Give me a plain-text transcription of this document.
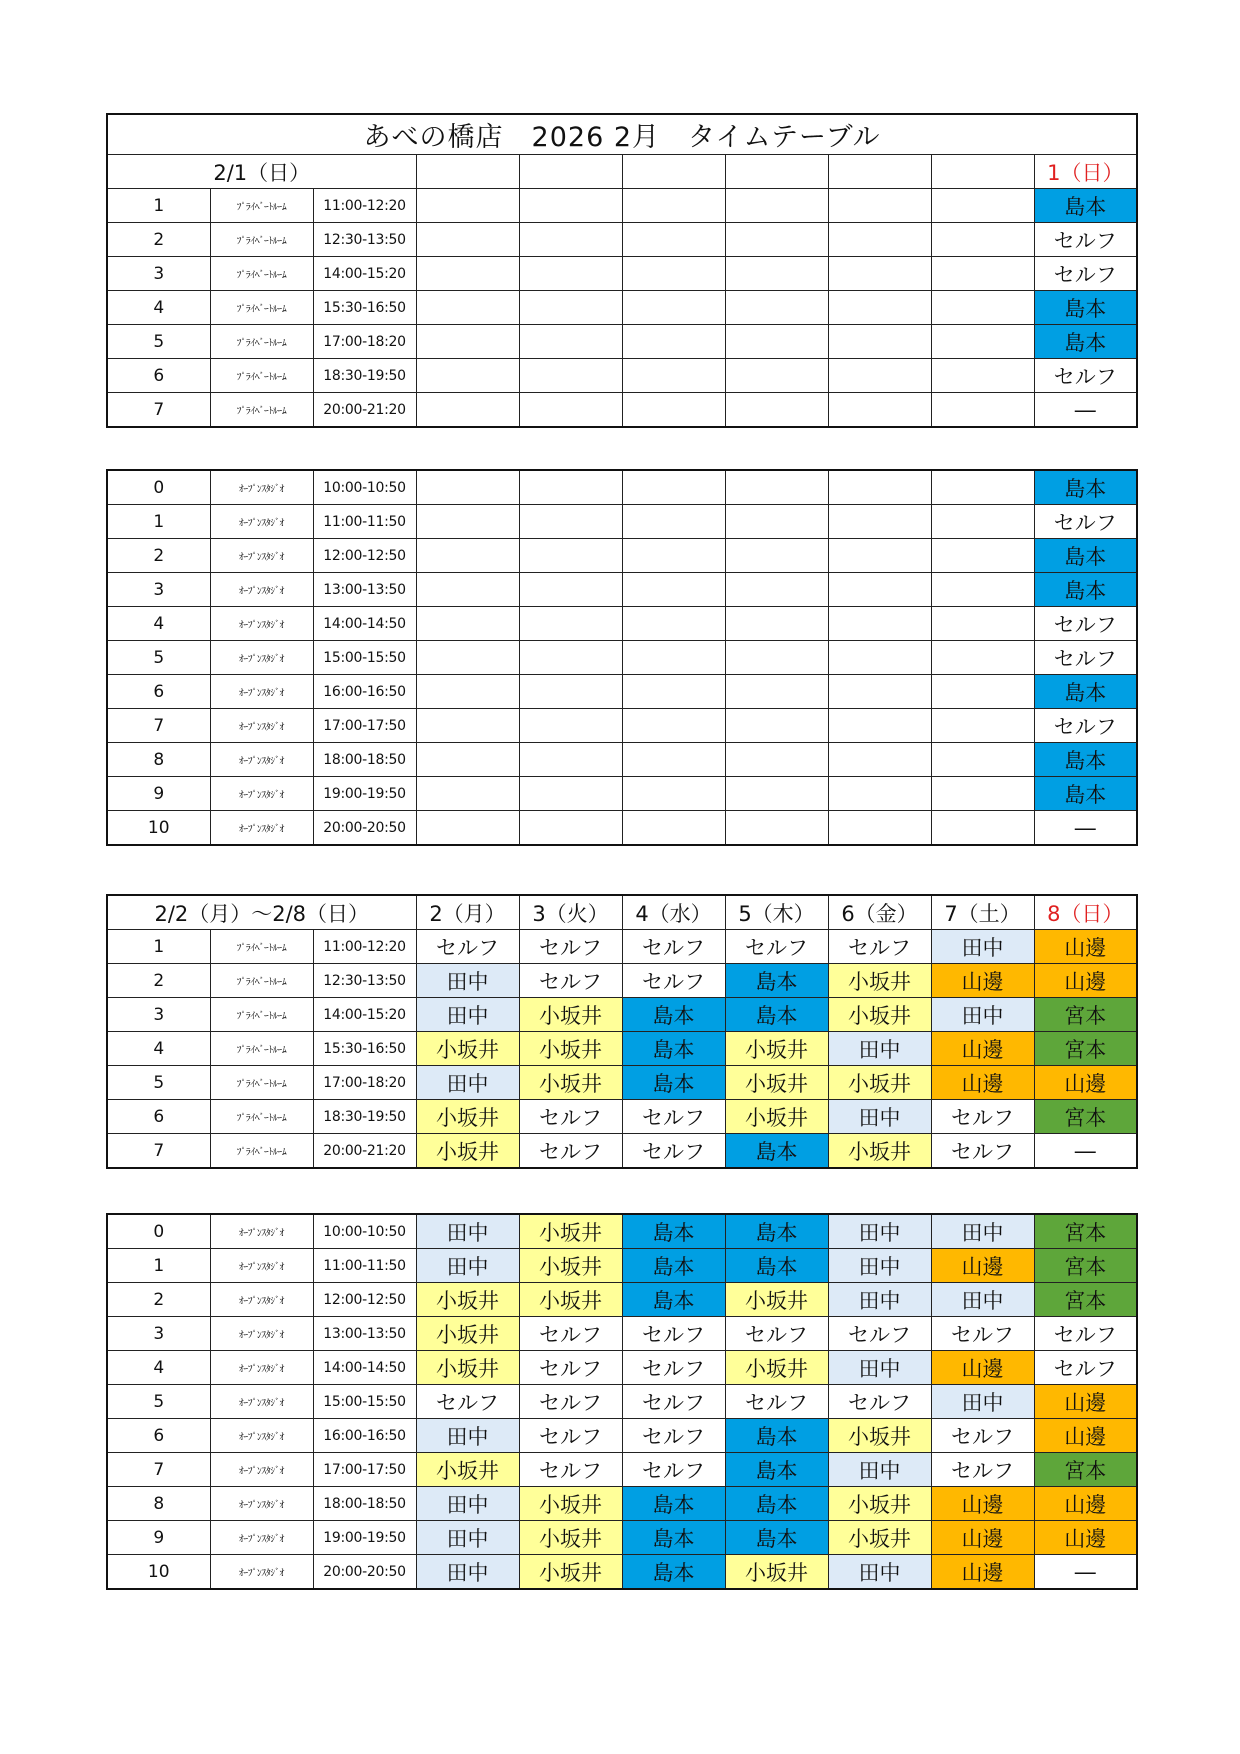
あべの橋店　2026 2月　タイムテーブル									
2/1（日）									1（日）
1	ﾌﾟﾗｲﾍﾞｰﾄﾙｰﾑ	11:00-12:20							島本
2	ﾌﾟﾗｲﾍﾞｰﾄﾙｰﾑ	12:30-13:50							セルフ
3	ﾌﾟﾗｲﾍﾞｰﾄﾙｰﾑ	14:00-15:20							セルフ
4	ﾌﾟﾗｲﾍﾞｰﾄﾙｰﾑ	15:30-16:50							島本
5	ﾌﾟﾗｲﾍﾞｰﾄﾙｰﾑ	17:00-18:20							島本
6	ﾌﾟﾗｲﾍﾞｰﾄﾙｰﾑ	18:30-19:50							セルフ
7	ﾌﾟﾗｲﾍﾞｰﾄﾙｰﾑ	20:00-21:20							―
0	ｵｰﾌﾟﾝｽﾀｼﾞｵ	10:00-10:50							島本
1	ｵｰﾌﾟﾝｽﾀｼﾞｵ	11:00-11:50							セルフ
2	ｵｰﾌﾟﾝｽﾀｼﾞｵ	12:00-12:50							島本
3	ｵｰﾌﾟﾝｽﾀｼﾞｵ	13:00-13:50							島本
4	ｵｰﾌﾟﾝｽﾀｼﾞｵ	14:00-14:50							セルフ
5	ｵｰﾌﾟﾝｽﾀｼﾞｵ	15:00-15:50							セルフ
6	ｵｰﾌﾟﾝｽﾀｼﾞｵ	16:00-16:50							島本
7	ｵｰﾌﾟﾝｽﾀｼﾞｵ	17:00-17:50							セルフ
8	ｵｰﾌﾟﾝｽﾀｼﾞｵ	18:00-18:50							島本
9	ｵｰﾌﾟﾝｽﾀｼﾞｵ	19:00-19:50							島本
10	ｵｰﾌﾟﾝｽﾀｼﾞｵ	20:00-20:50							―
2/2（月）～2/8（日）			2（月）	3（火）	4（水）	5（木）	6（金）	7（土）	8（日）
1	ﾌﾟﾗｲﾍﾞｰﾄﾙｰﾑ	11:00-12:20	セルフ	セルフ	セルフ	セルフ	セルフ	田中	山邊
2	ﾌﾟﾗｲﾍﾞｰﾄﾙｰﾑ	12:30-13:50	田中	セルフ	セルフ	島本	小坂井	山邊	山邊
3	ﾌﾟﾗｲﾍﾞｰﾄﾙｰﾑ	14:00-15:20	田中	小坂井	島本	島本	小坂井	田中	宮本
4	ﾌﾟﾗｲﾍﾞｰﾄﾙｰﾑ	15:30-16:50	小坂井	小坂井	島本	小坂井	田中	山邊	宮本
5	ﾌﾟﾗｲﾍﾞｰﾄﾙｰﾑ	17:00-18:20	田中	小坂井	島本	小坂井	小坂井	山邊	山邊
6	ﾌﾟﾗｲﾍﾞｰﾄﾙｰﾑ	18:30-19:50	小坂井	セルフ	セルフ	小坂井	田中	セルフ	宮本
7	ﾌﾟﾗｲﾍﾞｰﾄﾙｰﾑ	20:00-21:20	小坂井	セルフ	セルフ	島本	小坂井	セルフ	―
0	ｵｰﾌﾟﾝｽﾀｼﾞｵ	10:00-10:50	田中	小坂井	島本	島本	田中	田中	宮本
1	ｵｰﾌﾟﾝｽﾀｼﾞｵ	11:00-11:50	田中	小坂井	島本	島本	田中	山邊	宮本
2	ｵｰﾌﾟﾝｽﾀｼﾞｵ	12:00-12:50	小坂井	小坂井	島本	小坂井	田中	田中	宮本
3	ｵｰﾌﾟﾝｽﾀｼﾞｵ	13:00-13:50	小坂井	セルフ	セルフ	セルフ	セルフ	セルフ	セルフ
4	ｵｰﾌﾟﾝｽﾀｼﾞｵ	14:00-14:50	小坂井	セルフ	セルフ	小坂井	田中	山邊	セルフ
5	ｵｰﾌﾟﾝｽﾀｼﾞｵ	15:00-15:50	セルフ	セルフ	セルフ	セルフ	セルフ	田中	山邊
6	ｵｰﾌﾟﾝｽﾀｼﾞｵ	16:00-16:50	田中	セルフ	セルフ	島本	小坂井	セルフ	山邊
7	ｵｰﾌﾟﾝｽﾀｼﾞｵ	17:00-17:50	小坂井	セルフ	セルフ	島本	田中	セルフ	宮本
8	ｵｰﾌﾟﾝｽﾀｼﾞｵ	18:00-18:50	田中	小坂井	島本	島本	小坂井	山邊	山邊
9	ｵｰﾌﾟﾝｽﾀｼﾞｵ	19:00-19:50	田中	小坂井	島本	島本	小坂井	山邊	山邊
10	ｵｰﾌﾟﾝｽﾀｼﾞｵ	20:00-20:50	田中	小坂井	島本	小坂井	田中	山邊	―
